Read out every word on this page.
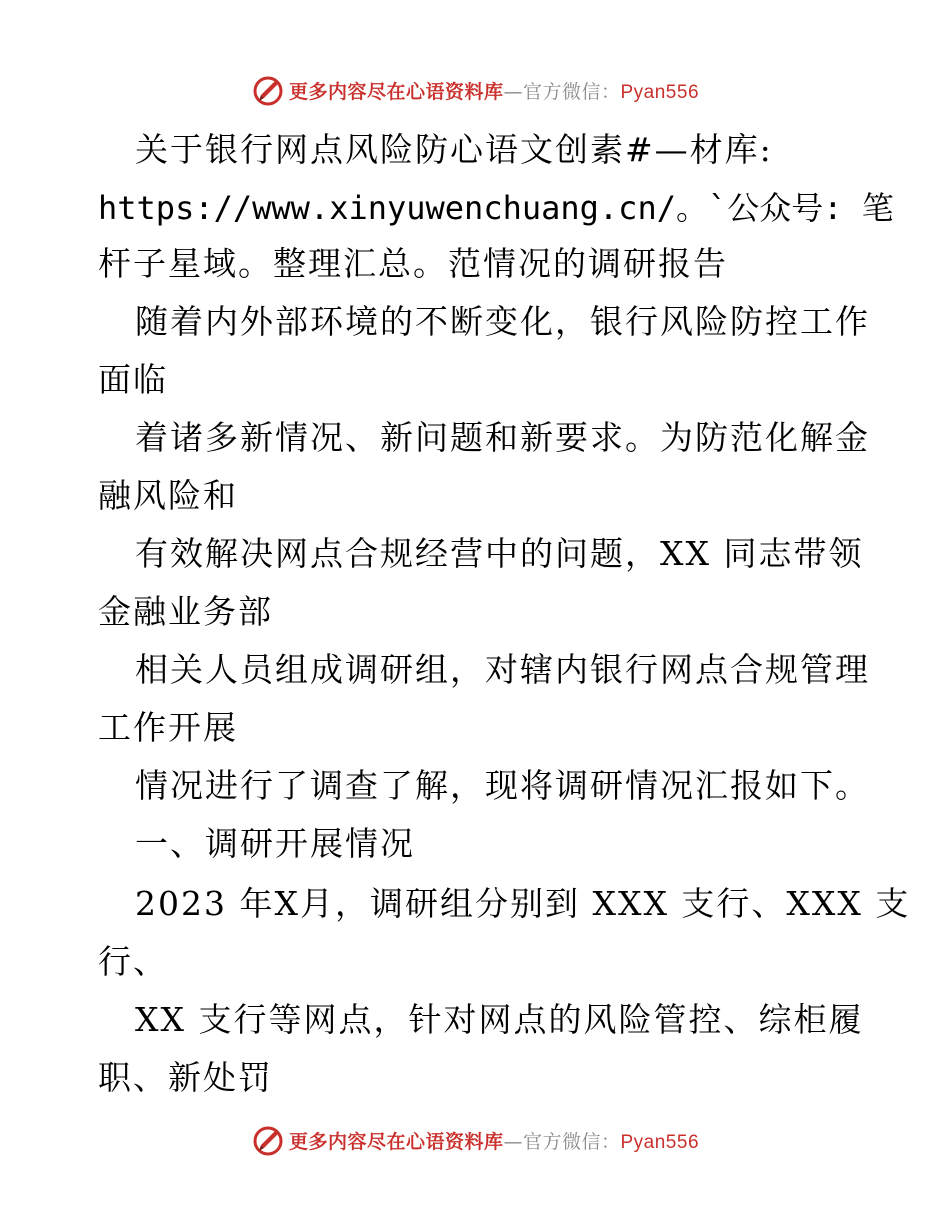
更多内容尽在心语资料库—官方微信：Pyan556
关于银行网点风险防心语文创素#—材库:
https://www.xinyuwenchuang.cn/。`公众号: 笔
杆子星域。整理汇总。范情况的调研报告
随着内外部环境的不断变化，银行风险防控工作
面临
着诸多新情况、新问题和新要求。为防范化解金
融风险和
有效解决网点合规经营中的问题，XX 同志带领
金融业务部
相关人员组成调研组，对辖内银行网点合规管理
工作开展
情况进行了调查了解，现将调研情况汇报如下。
一、调研开展情况
2023 年X月，调研组分别到 XXX 支行、XXX 支
行、
XX 支行等网点，针对网点的风险管控、综柜履
职、新处罚
更多内容尽在心语资料库—官方微信：Pyan556
